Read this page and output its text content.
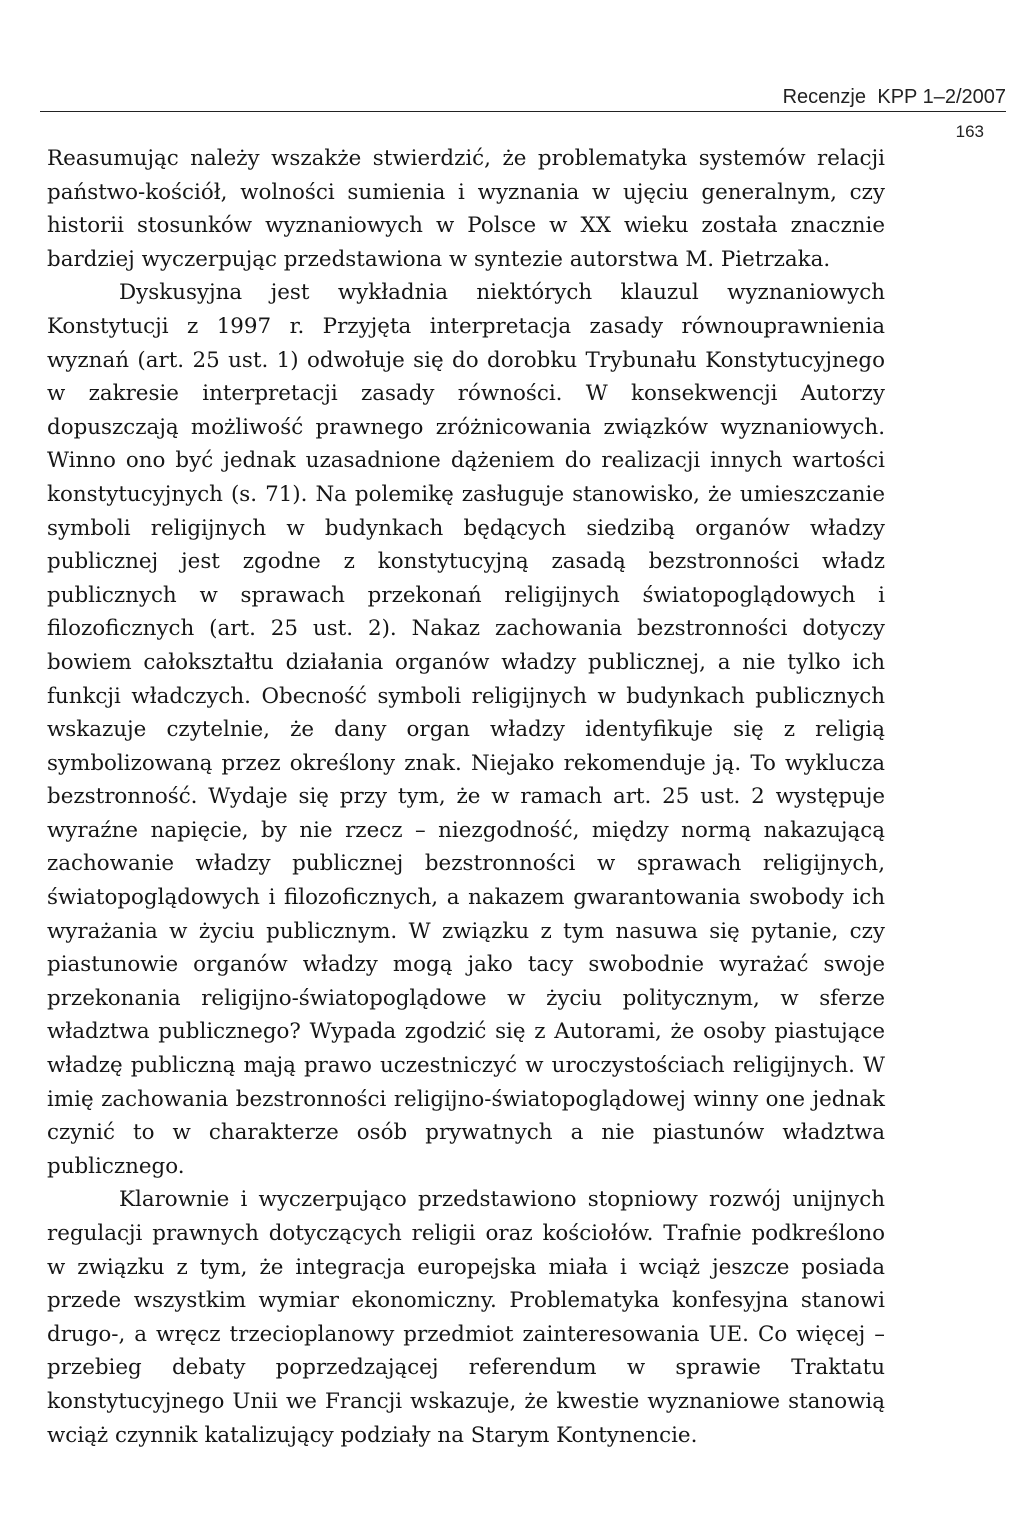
Recenzje KPP 1–2/2007
163

Reasumując należy wszakże stwierdzić, że problematyka systemów relacji państwo-kościół, wolności sumienia i wyznania w ujęciu generalnym, czy historii stosunków wyznaniowych w Polsce w XX wieku została znacznie bardziej wyczerpując przedstawiona w syntezie autorstwa M. Pietrzaka.

Dyskusyjna jest wykładnia niektórych klauzul wyznaniowych Konstytucji z 1997 r. Przyjęta interpretacja zasady równouprawnienia wyznań (art. 25 ust. 1) odwołuje się do dorobku Trybunału Konstytucyjnego w zakresie interpretacji zasady równości. W konsekwencji Autorzy dopuszczają możliwość prawnego zróżnicowania związków wyznaniowych. Winno ono być jednak uzasadnione dążeniem do realizacji innych wartości konstytucyjnych (s. 71). Na polemikę zasługuje stanowisko, że umieszczanie symboli religijnych w budynkach będących siedzibą organów władzy publicznej jest zgodne z konstytucyjną zasadą bezstronności władz publicznych w sprawach przekonań religijnych światopoglądowych i filozoficznych (art. 25 ust. 2). Nakaz zachowania bezstronności dotyczy bowiem całokształtu działania organów władzy publicznej, a nie tylko ich funkcji władczych. Obecność symboli religijnych w budynkach publicznych wskazuje czytelnie, że dany organ władzy identyfikuje się z religią symbolizowaną przez określony znak. Niejako rekomenduje ją. To wyklucza bezstronność. Wydaje się przy tym, że w ramach art. 25 ust. 2 występuje wyraźne napięcie, by nie rzecz – niezgodność, między normą nakazującą zachowanie władzy publicznej bezstronności w sprawach religijnych, światopoglądowych i filozoficznych, a nakazem gwarantowania swobody ich wyrażania w życiu publicznym. W związku z tym nasuwa się pytanie, czy piastunowie organów władzy mogą jako tacy swobodnie wyrażać swoje przekonania religijno-światopoglądowe w życiu politycznym, w sferze władztwa publicznego? Wypada zgodzić się z Autorami, że osoby piastujące władzę publiczną mają prawo uczestniczyć w uroczystościach religijnych. W imię zachowania bezstronności religijno-światopoglądowej winny one jednak czynić to w charakterze osób prywatnych a nie piastunów władztwa publicznego.

Klarownie i wyczerpująco przedstawiono stopniowy rozwój unijnych regulacji prawnych dotyczących religii oraz kościołów. Trafnie podkreślono w związku z tym, że integracja europejska miała i wciąż jeszcze posiada przede wszystkim wymiar ekonomiczny. Problematyka konfesyjna stanowi drugo-, a wręcz trzecioplanowy przedmiot zainteresowania UE. Co więcej – przebieg debaty poprzedzającej referendum w sprawie Traktatu konstytucyjnego Unii we Francji wskazuje, że kwestie wyznaniowe stanowią wciąż czynnik katalizujący podziały na Starym Kontynencie.
